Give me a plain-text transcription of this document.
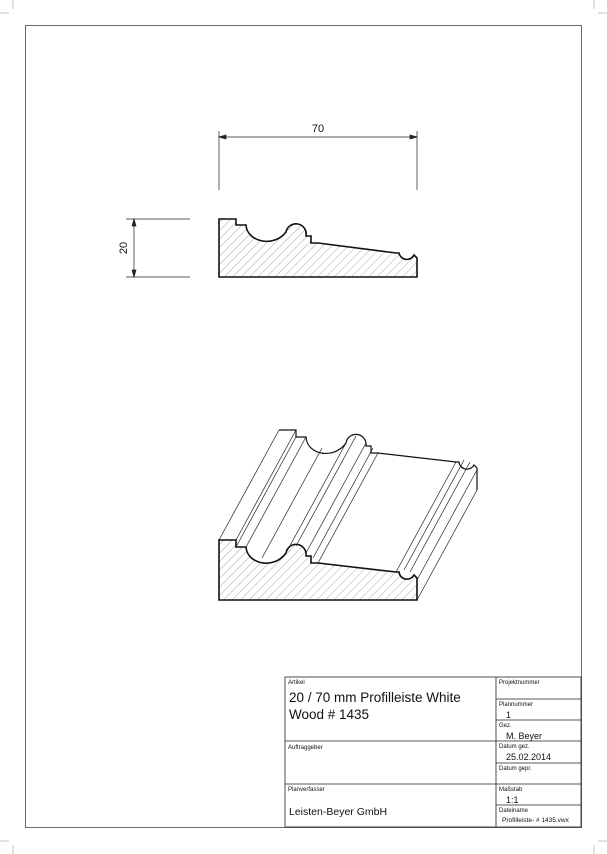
70
20
Artikel
20 / 70 mm Profilleiste White
Wood # 1435
Projektnummer
Plannummer
1
Gez.
M. Beyer
Auftraggeber	Datum gez.
25.02.2014
Datum gepr.
Planverfasser
Leisten-Beyer GmbH
Maßstab
1:1
Dateiname
Profilleiste- # 1435.vwx
